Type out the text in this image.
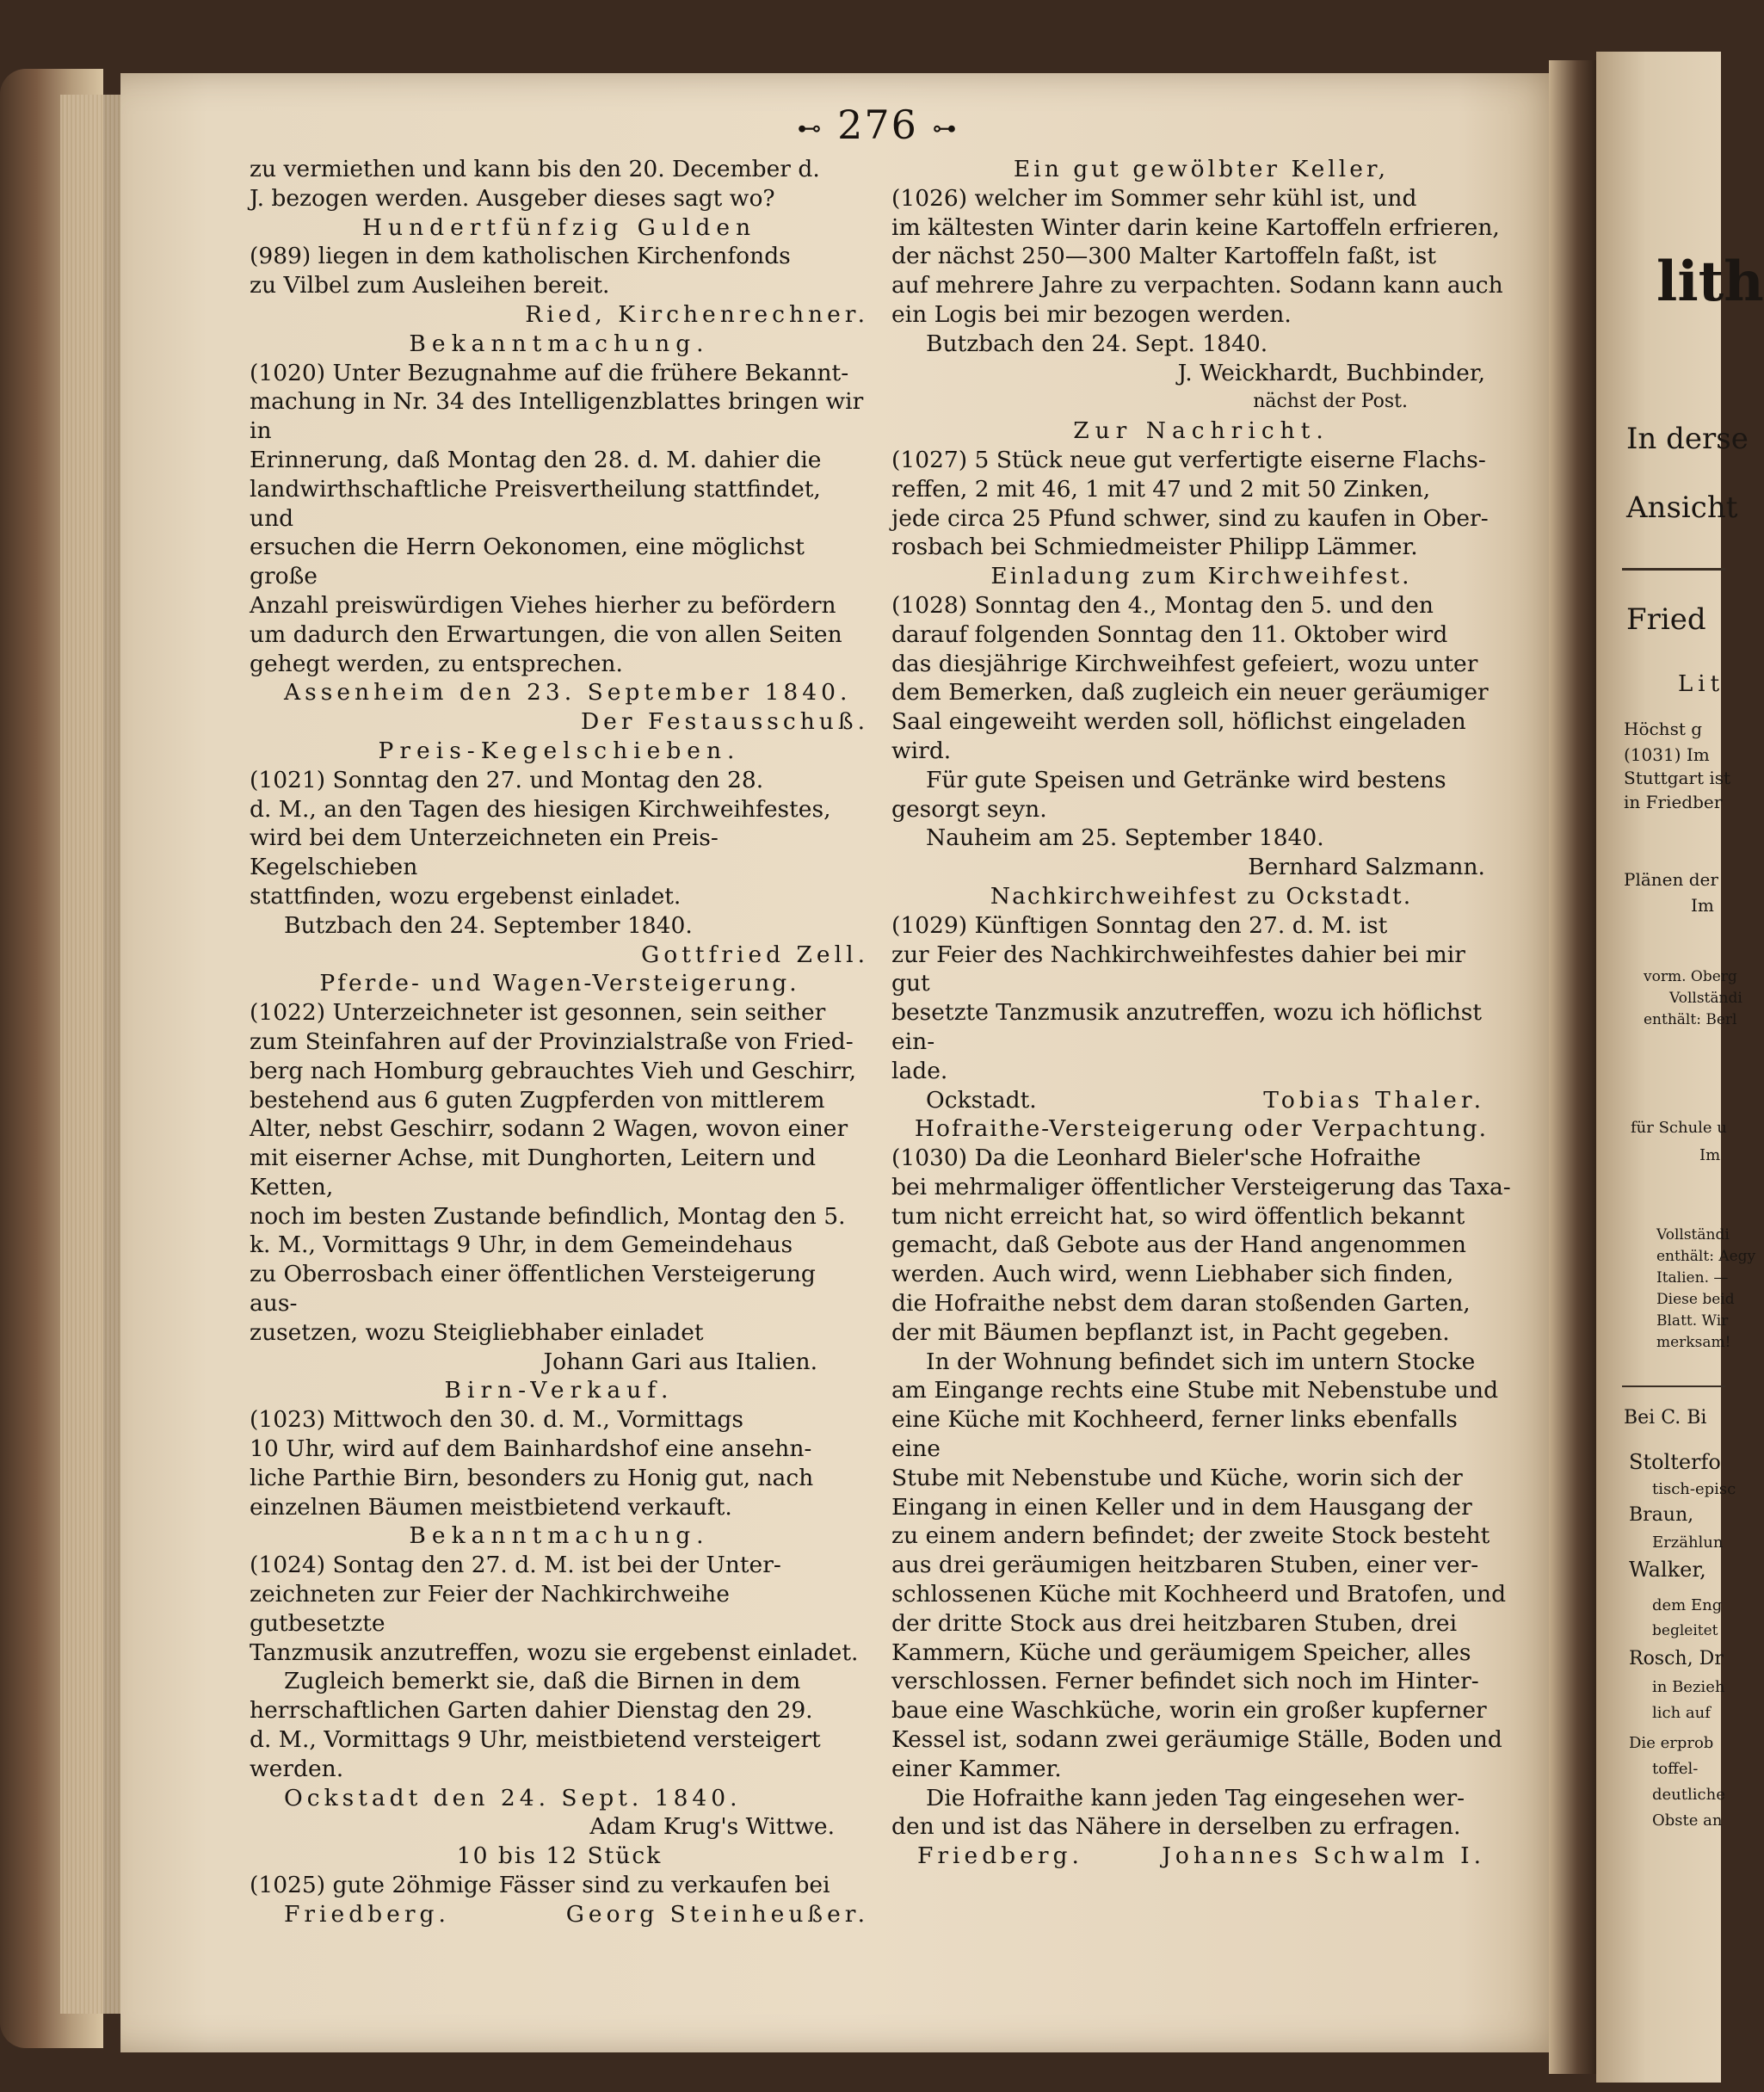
⊷ 276 ⊶

zu vermiethen und kann bis den 20. December d.

J. bezogen werden. Ausgeber dieses sagt wo?

Hundertfünfzig Gulden

(989) liegen in dem katholischen Kirchenfonds

zu Vilbel zum Ausleihen bereit.

Ried, Kirchenrechner.

Bekanntmachung.

(1020) Unter Bezugnahme auf die frühere Bekannt-

machung in Nr. 34 des Intelligenzblattes bringen wir in

Erinnerung, daß Montag den 28. d. M. dahier die

landwirthschaftliche Preisvertheilung stattfindet, und

ersuchen die Herrn Oekonomen, eine möglichst große

Anzahl preiswürdigen Viehes hierher zu befördern

um dadurch den Erwartungen, die von allen Seiten

gehegt werden, zu entsprechen.

Assenheim den 23. September 1840.

Der Festausschuß.

Preis-Kegelschieben.

(1021) Sonntag den 27. und Montag den 28.

d. M., an den Tagen des hiesigen Kirchweihfestes,

wird bei dem Unterzeichneten ein Preis-Kegelschieben

stattfinden, wozu ergebenst einladet.

Butzbach den 24. September 1840.

Gottfried Zell.

Pferde- und Wagen-Versteigerung.

(1022) Unterzeichneter ist gesonnen, sein seither

zum Steinfahren auf der Provinzialstraße von Fried-

berg nach Homburg gebrauchtes Vieh und Geschirr,

bestehend aus 6 guten Zugpferden von mittlerem

Alter, nebst Geschirr, sodann 2 Wagen, wovon einer

mit eiserner Achse, mit Dunghorten, Leitern und Ketten,

noch im besten Zustande befindlich, Montag den 5.

k. M., Vormittags 9 Uhr, in dem Gemeindehaus

zu Oberrosbach einer öffentlichen Versteigerung aus-

zusetzen, wozu Steigliebhaber einladet

Johann Gari aus Italien.

Birn-Verkauf.

(1023) Mittwoch den 30. d. M., Vormittags

10 Uhr, wird auf dem Bainhardshof eine ansehn-

liche Parthie Birn, besonders zu Honig gut, nach

einzelnen Bäumen meistbietend verkauft.

Bekanntmachung.

(1024) Sontag den 27. d. M. ist bei der Unter-

zeichneten zur Feier der Nachkirchweihe gutbesetzte

Tanzmusik anzutreffen, wozu sie ergebenst einladet.

Zugleich bemerkt sie, daß die Birnen in dem

herrschaftlichen Garten dahier Dienstag den 29.

d. M., Vormittags 9 Uhr, meistbietend versteigert

werden.

Ockstadt den 24. Sept. 1840.

Adam Krug's Wittwe.

10 bis 12 Stück

(1025) gute 2öhmige Fässer sind zu verkaufen bei

Friedberg.	Georg Steinheußer.

Ein gut gewölbter Keller,

(1026) welcher im Sommer sehr kühl ist, und

im kältesten Winter darin keine Kartoffeln erfrieren,

der nächst 250—300 Malter Kartoffeln faßt, ist

auf mehrere Jahre zu verpachten. Sodann kann auch

ein Logis bei mir bezogen werden.

Butzbach den 24. Sept. 1840.

J. Weickhardt, Buchbinder,

nächst der Post.

Zur Nachricht.

(1027) 5 Stück neue gut verfertigte eiserne Flachs-

reffen, 2 mit 46, 1 mit 47 und 2 mit 50 Zinken,

jede circa 25 Pfund schwer, sind zu kaufen in Ober-

rosbach bei Schmiedmeister Philipp Lämmer.

Einladung zum Kirchweihfest.

(1028) Sonntag den 4., Montag den 5. und den

darauf folgenden Sonntag den 11. Oktober wird

das diesjährige Kirchweihfest gefeiert, wozu unter

dem Bemerken, daß zugleich ein neuer geräumiger

Saal eingeweiht werden soll, höflichst eingeladen

wird.

Für gute Speisen und Getränke wird bestens

gesorgt seyn.

Nauheim am 25. September 1840.

Bernhard Salzmann.

Nachkirchweihfest zu Ockstadt.

(1029) Künftigen Sonntag den 27. d. M. ist

zur Feier des Nachkirchweihfestes dahier bei mir gut

besetzte Tanzmusik anzutreffen, wozu ich höflichst ein-

lade.

Ockstadt.	Tobias Thaler.

Hofraithe-Versteigerung oder Verpachtung.

(1030) Da die Leonhard Bieler'sche Hofraithe

bei mehrmaliger öffentlicher Versteigerung das Taxa-

tum nicht erreicht hat, so wird öffentlich bekannt

gemacht, daß Gebote aus der Hand angenommen

werden. Auch wird, wenn Liebhaber sich finden,

die Hofraithe nebst dem daran stoßenden Garten,

der mit Bäumen bepflanzt ist, in Pacht gegeben.

In der Wohnung befindet sich im untern Stocke

am Eingange rechts eine Stube mit Nebenstube und

eine Küche mit Kochheerd, ferner links ebenfalls eine

Stube mit Nebenstube und Küche, worin sich der

Eingang in einen Keller und in dem Hausgang der

zu einem andern befindet; der zweite Stock besteht

aus drei geräumigen heitzbaren Stuben, einer ver-

schlossenen Küche mit Kochheerd und Bratofen, und

der dritte Stock aus drei heitzbaren Stuben, drei

Kammern, Küche und geräumigem Speicher, alles

verschlossen. Ferner befindet sich noch im Hinter-

baue eine Waschküche, worin ein großer kupferner

Kessel ist, sodann zwei geräumige Ställe, Boden und

einer Kammer.

Die Hofraithe kann jeden Tag eingesehen wer-

den und ist das Nähere in derselben zu erfragen.

Friedberg.	Johannes Schwalm I.
lith
In derse
Ansicht
Fried
Lit
Höchst g
(1031) Im
Stuttgart ist
in Friedber
Plänen der
Im
vorm. Oberg
Vollständi
enthält: Berl
für Schule u
Im
Vollständi
enthält: Aegy
Italien. —
Diese beid
Blatt. Wir
merksam!
Bei C. Bi
Stolterfo
tisch-episc
Braun,
Erzählun
Walker,
dem Eng
begleitet
Rosch, Dr
in Bezieh
lich auf
Die erprob
toffel-
deutliche
Obste an
